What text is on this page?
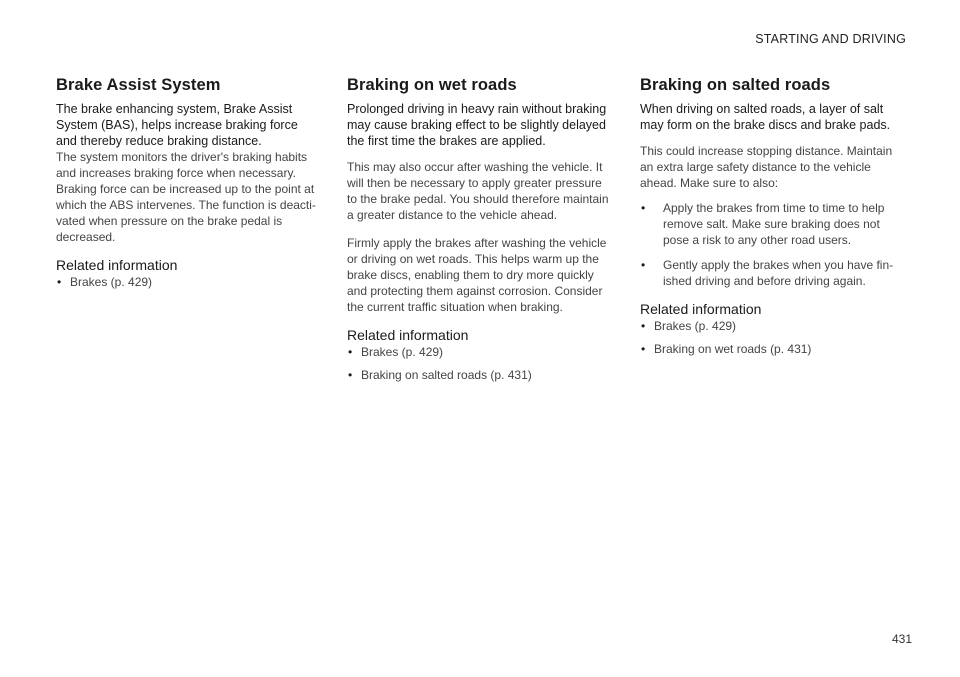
STARTING AND DRIVING
Brake Assist System

The brake enhancing system, Brake Assist System (BAS), helps increase braking force and thereby reduce braking distance.

The system monitors the driver's braking habits and increases braking force when necessary. Braking force can be increased up to the point at which the ABS intervenes. The function is deacti-vated when pressure on the brake pedal is decreased.

Related information
• Brakes (p. 429)
Braking on wet roads

Prolonged driving in heavy rain without braking may cause braking effect to be slightly delayed the first time the brakes are applied.

This may also occur after washing the vehicle. It will then be necessary to apply greater pressure to the brake pedal. You should therefore maintain a greater distance to the vehicle ahead.

Firmly apply the brakes after washing the vehicle or driving on wet roads. This helps warm up the brake discs, enabling them to dry more quickly and protecting them against corrosion. Consider the current traffic situation when braking.

Related information
• Brakes (p. 429)
• Braking on salted roads (p. 431)
Braking on salted roads

When driving on salted roads, a layer of salt may form on the brake discs and brake pads.

This could increase stopping distance. Maintain an extra large safety distance to the vehicle ahead. Make sure to also:

• Apply the brakes from time to time to help remove salt. Make sure braking does not pose a risk to any other road users.
• Gently apply the brakes when you have fin-ished driving and before driving again.
Related information
• Brakes (p. 429)
• Braking on wet roads (p. 431)
431
